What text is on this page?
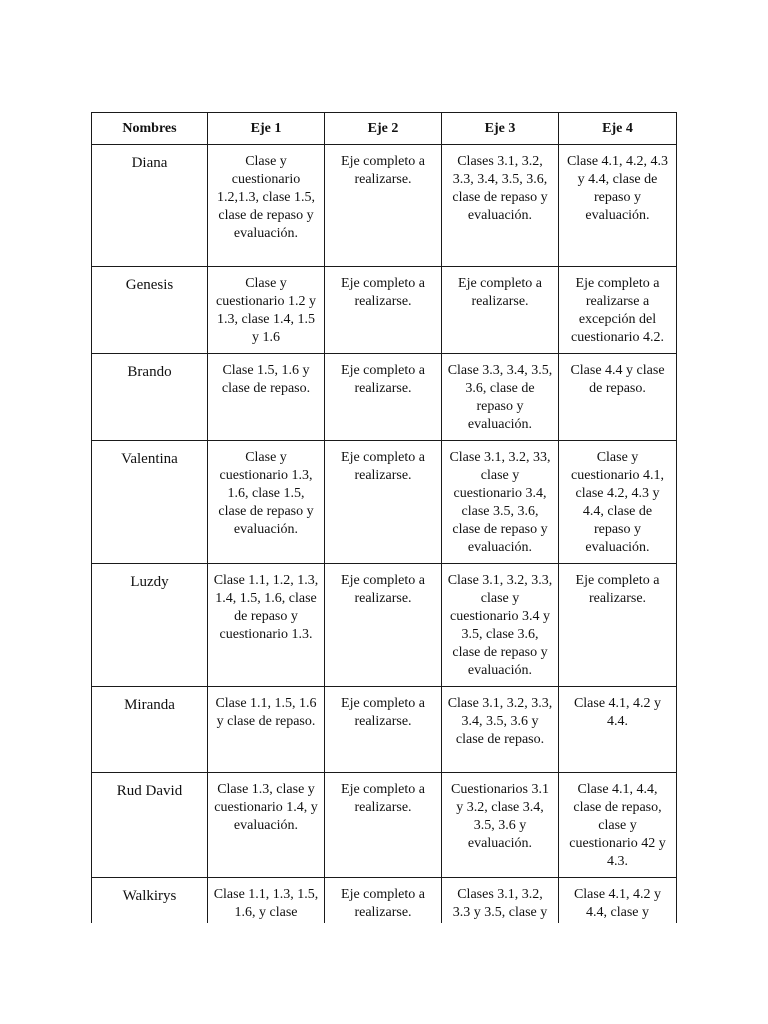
Nombres	Eje 1	Eje 2	Eje 3	Eje 4
Diana	Clase y cuestionario 1.2,1.3, clase 1.5, clase de repaso y evaluación.	Eje completo a realizarse.	Clases 3.1, 3.2, 3.3, 3.4, 3.5, 3.6, clase de repaso y evaluación.	Clase 4.1, 4.2, 4.3 y 4.4, clase de repaso y evaluación.
Genesis	Clase y cuestionario 1.2 y 1.3, clase 1.4, 1.5 y 1.6	Eje completo a realizarse.	Eje completo a realizarse.	Eje completo a realizarse a excepción del cuestionario 4.2.
Brando	Clase 1.5, 1.6 y clase de repaso.	Eje completo a realizarse.	Clase 3.3, 3.4, 3.5, 3.6, clase de repaso y evaluación.	Clase 4.4 y clase de repaso.
Valentina	Clase y cuestionario 1.3, 1.6, clase 1.5, clase de repaso y evaluación.	Eje completo a realizarse.	Clase 3.1, 3.2, 33, clase y cuestionario 3.4, clase 3.5, 3.6, clase de repaso y evaluación.	Clase y cuestionario 4.1, clase 4.2, 4.3 y 4.4, clase de repaso y evaluación.
Luzdy	Clase 1.1, 1.2, 1.3, 1.4, 1.5, 1.6, clase de repaso y cuestionario 1.3.	Eje completo a realizarse.	Clase 3.1, 3.2, 3.3, clase y cuestionario 3.4 y 3.5, clase 3.6, clase de repaso y evaluación.	Eje completo a realizarse.
Miranda	Clase 1.1, 1.5, 1.6 y clase de repaso.	Eje completo a realizarse.	Clase 3.1, 3.2, 3.3, 3.4, 3.5, 3.6 y clase de repaso.	Clase 4.1, 4.2 y 4.4.
Rud David	Clase 1.3, clase y cuestionario 1.4, y evaluación.	Eje completo a realizarse.	Cuestionarios 3.1 y 3.2, clase 3.4, 3.5, 3.6 y evaluación.	Clase 4.1, 4.4, clase de repaso, clase y cuestionario 42 y 4.3.
Walkirys	Clase 1.1, 1.3, 1.5, 1.6, y clase	Eje completo a realizarse.	Clases 3.1, 3.2, 3.3 y 3.5, clase y	Clase 4.1, 4.2 y 4.4, clase y
